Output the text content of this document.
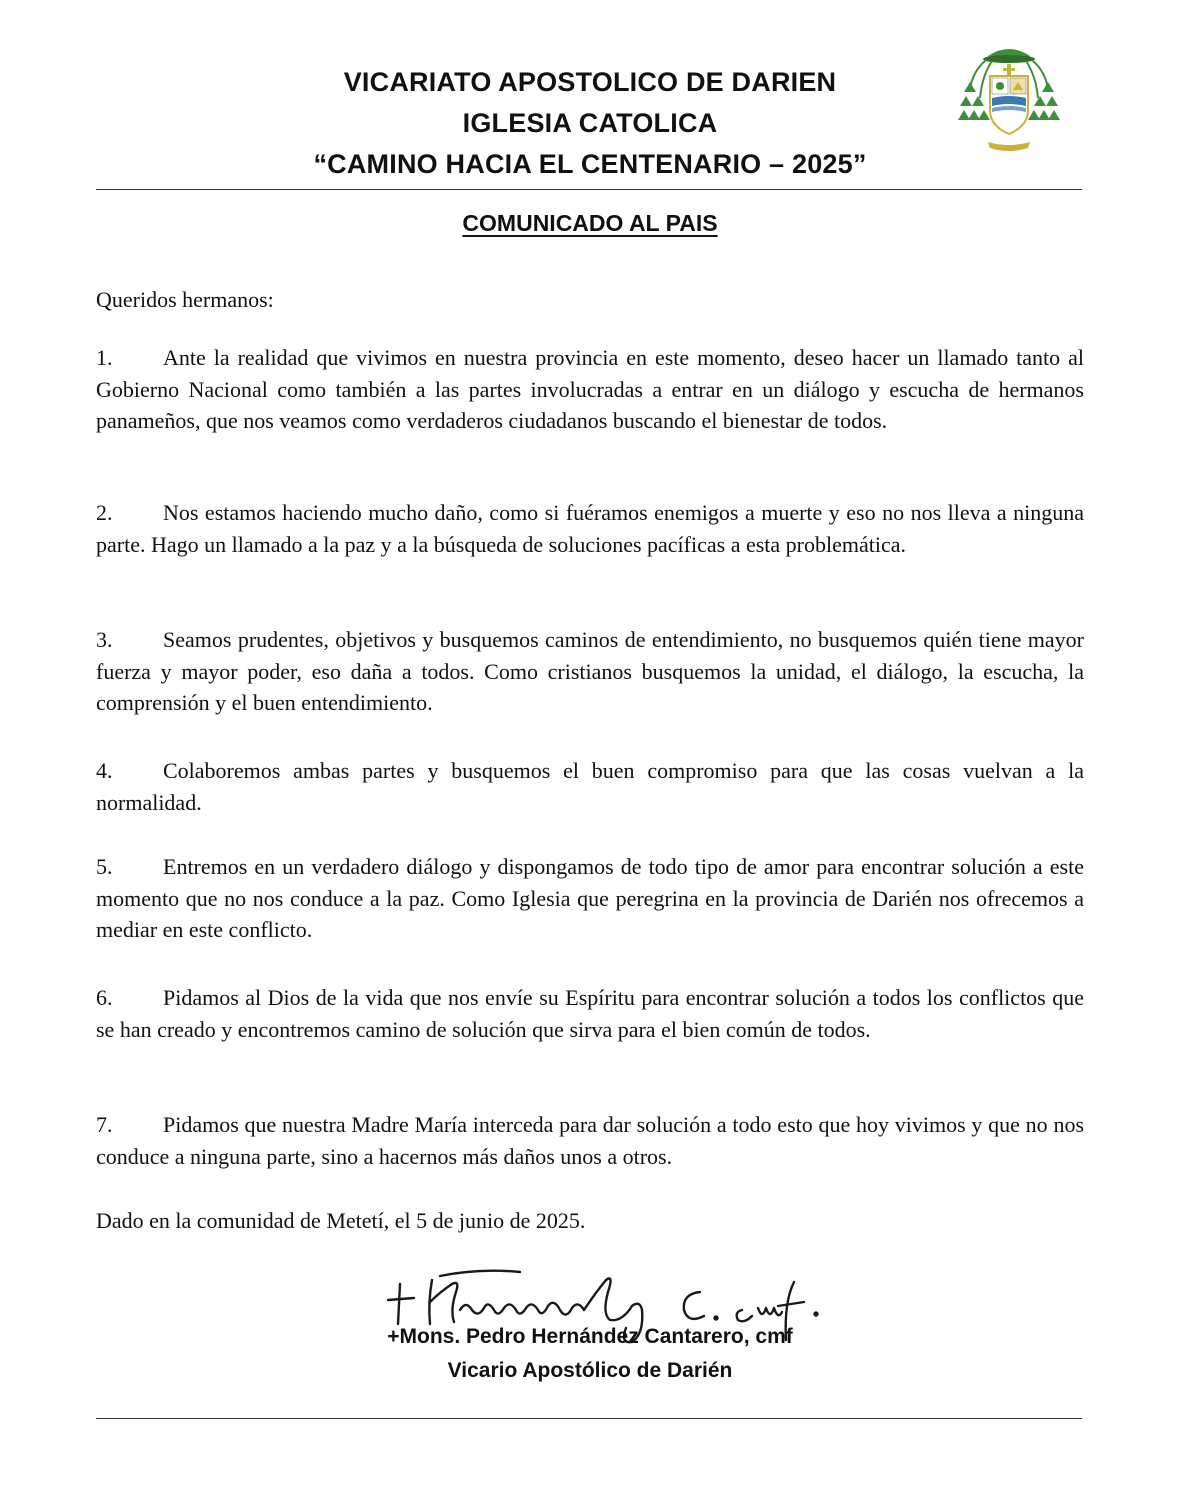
VICARIATO APOSTOLICO DE DARIEN
IGLESIA CATOLICA
“CAMINO HACIA EL CENTENARIO – 2025”
COMUNICADO AL PAIS
Queridos hermanos:
1. Ante la realidad que vivimos en nuestra provincia en este momento, deseo hacer un llamado tanto al Gobierno Nacional como también a las partes involucradas a entrar en un diálogo y escucha de hermanos panameños, que nos veamos como verdaderos ciudadanos buscando el bienestar de todos.
2. Nos estamos haciendo mucho daño, como si fuéramos enemigos a muerte y eso no nos lleva a ninguna parte. Hago un llamado a la paz y a la búsqueda de soluciones pacíficas a esta problemática.
3. Seamos prudentes, objetivos y busquemos caminos de entendimiento, no busquemos quién tiene mayor fuerza y mayor poder, eso daña a todos. Como cristianos busquemos la unidad, el diálogo, la escucha, la comprensión y el buen entendimiento.
4. Colaboremos ambas partes y busquemos el buen compromiso para que las cosas vuelvan a la normalidad.
5. Entremos en un verdadero diálogo y dispongamos de todo tipo de amor para encontrar solución a este momento que no nos conduce a la paz. Como Iglesia que peregrina en la provincia de Darién nos ofrecemos a mediar en este conflicto.
6. Pidamos al Dios de la vida que nos envíe su Espíritu para encontrar solución a todos los conflictos que se han creado y encontremos camino de solución que sirva para el bien común de todos.
7. Pidamos que nuestra Madre María interceda para dar solución a todo esto que hoy vivimos y que no nos conduce a ninguna parte, sino a hacernos más daños unos a otros.
Dado en la comunidad de Metetí, el 5 de junio de 2025.
+Mons. Pedro Hernández Cantarero, cmf
Vicario Apostólico de Darién
